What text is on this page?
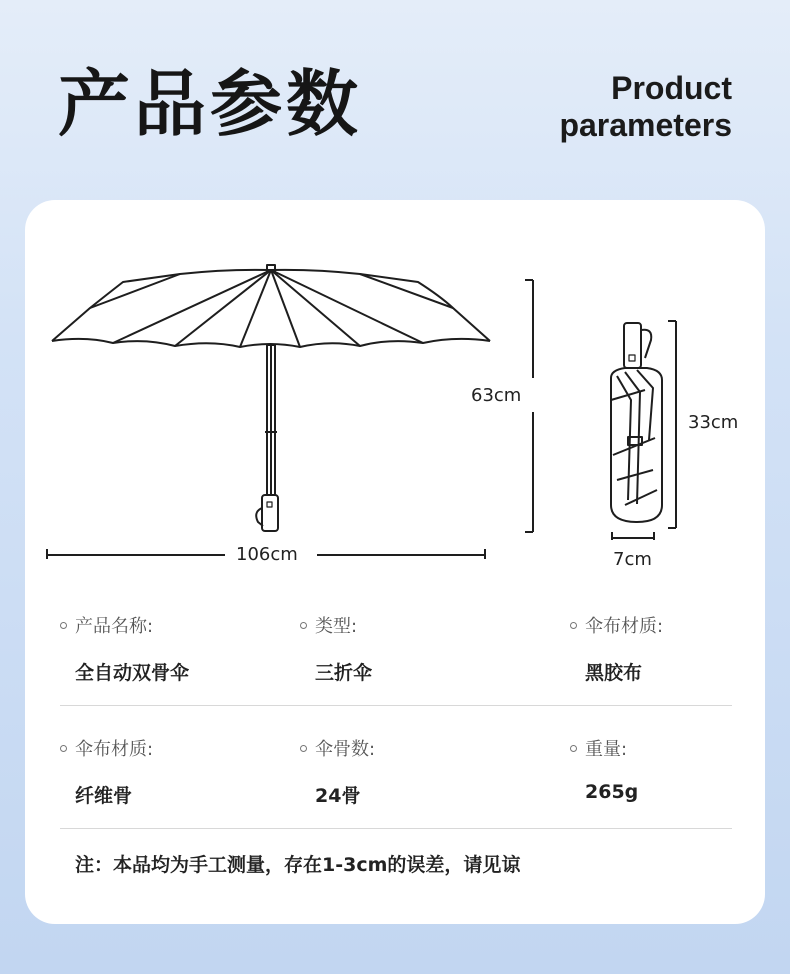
产品参数	Product
parameters
106cm
63cm
33cm
7cm
产品名称:
全自动双骨伞
类型:
三折伞
伞布材质:
黑胶布
伞布材质:
纤维骨
伞骨数:
24骨
重量:
265g
注：本品均为手工测量，存在1-3cm的误差，请见谅
